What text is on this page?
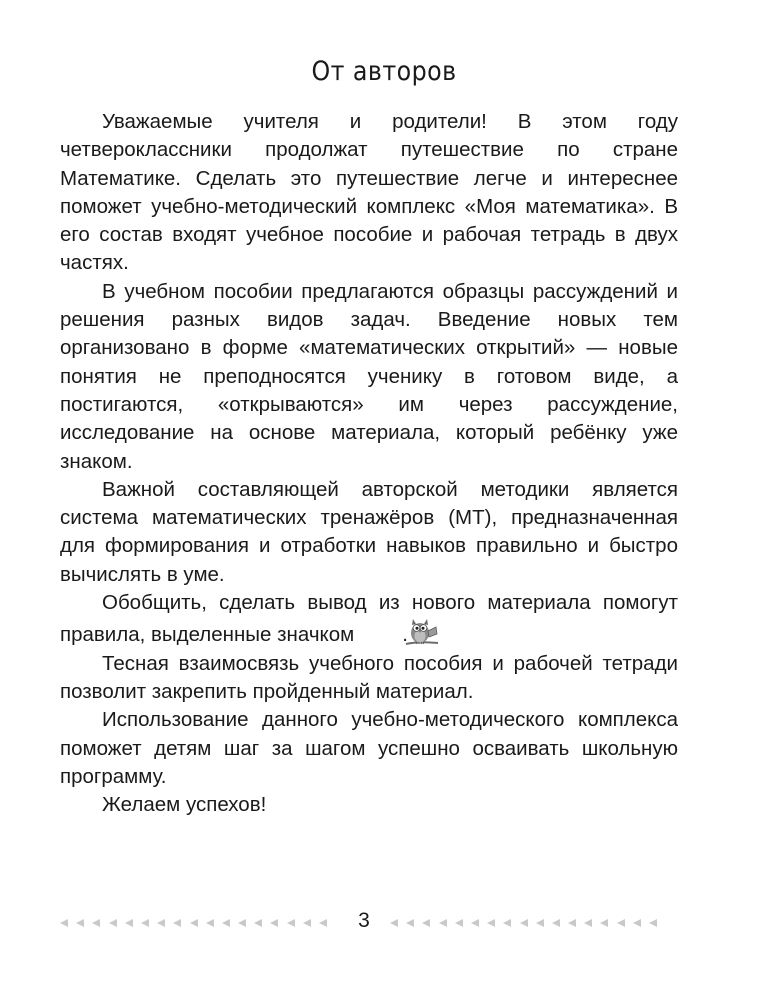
От авторов

Уважаемые учителя и родители! В этом году четвероклассники продолжат путешествие по стране Математике. Сделать это путешествие легче и интереснее поможет учебно-методический комплекс «Моя математика». В его состав входят учебное пособие и рабочая тетрадь в двух частях.

В учебном пособии предлагаются образцы рассуждений и решения разных видов задач. Введение новых тем организовано в форме «математических открытий» — новые понятия не преподносятся ученику в готовом виде, а постигаются, «открываются» им через рассуждение, исследование на основе материала, который ребёнку уже знаком.

Важной составляющей авторской методики является система математических тренажёров (МТ), предназначенная для формирования и отработки навыков правильно и быстро вычислять в уме.

Обобщить, сделать вывод из нового материала помогут правила, выделенные значком .

Тесная взаимосвязь учебного пособия и рабочей тетради позволит закрепить пройденный материал.

Использование данного учебно-методического комплекса поможет детям шаг за шагом успешно осваивать школьную программу.

Желаем успехов!

3
